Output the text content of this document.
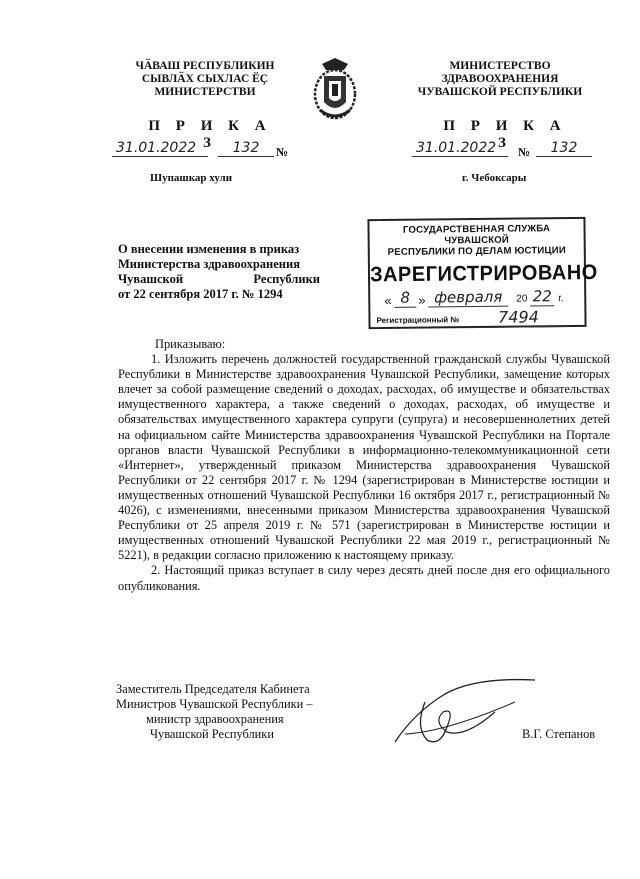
ЧӐВАШ РЕСПУБЛИКИН
СЫВЛӐХ СЫХЛАС ӖҪ
МИНИСТЕРСТВИ
П Р И К А З
31.01.2022	132	№
Шупашкар хули
МИНИСТЕРСТВО
ЗДРАВООХРАНЕНИЯ
ЧУВАШСКОЙ РЕСПУБЛИКИ
П Р И К А З
31.01.2022	№	132
г. Чебоксары
О внесении изменения в приказ
Министерства здравоохранения
Чувашской	Республики
от 22 сентября 2017 г. № 1294
ГОСУДАРСТВЕННАЯ СЛУЖБА ЧУВАШСКОЙ
РЕСПУБЛИКИ ПО ДЕЛАМ ЮСТИЦИИ
ЗАРЕГИСТРИРОВАНО
« 8 » февраля	20 22 г.
Регистрационный №	7494

Приказываю:

1. Изложить перечень должностей государственной гражданской службы Чувашской Республики в Министерстве здравоохранения Чувашской Республики, замещение которых влечет за собой размещение сведений о доходах, расходах, об имуществе и обязательствах имущественного характера, а также сведений о доходах, расходах, об имуществе и обязательствах имущественного характера супруги (супруга) и несовершеннолетних детей на официальном сайте Министерства здравоохранения Чувашской Республики на Портале органов власти Чувашской Республики в информационно-телекоммуникационной сети «Интернет», утвержденный приказом Министерства здравоохранения Чувашской Республики от 22 сентября 2017 г. № 1294 (зарегистрирован в Министерстве юстиции и имущественных отношений Чувашской Республики 16 октября 2017 г., регистрационный № 4026), с изменениями, внесенными приказом Министерства здравоохранения Чувашской Республики от 25 апреля 2019 г. № 571 (зарегистрирован в Министерстве юстиции и имущественных отношений Чувашской Республики 22 мая 2019 г., регистрационный № 5221), в редакции согласно приложению к настоящему приказу.

2. Настоящий приказ вступает в силу через десять дней после дня его официального опубликования.

Заместитель Председателя Кабинета
Министров Чувашской Республики –
министр здравоохранения
Чувашской Республики	В.Г. Степанов
